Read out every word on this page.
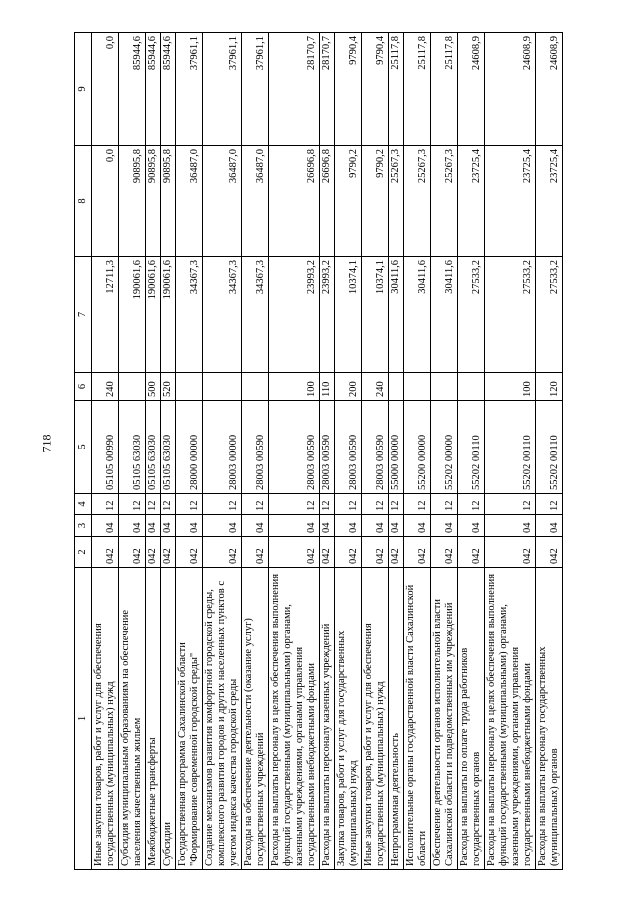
718
1	2	3	4	5	6	7	8	9
Иные закупки товаров, работ и услуг для обеспечения государственных (муниципальных) нужд	042	04	12	05105 00990	240	12711,3	0,0	0,0
Субсидия муниципальным образованиям на обеспечение населения качественным жильем	042	04	12	05105 63030		190061,6	90895,8	85944,6
Межбюджетные трансферты	042	04	12	05105 63030	500	190061,6	90895,8	85944,6
Субсидии	042	04	12	05105 63030	520	190061,6	90895,8	85944,6
Государственная программа Сахалинской области "Формирование современной городской среды"	042	04	12	28000 00000		34367,3	36487,0	37961,1
Создание механизмов развития комфортной городской среды, комплексного развития городов и других населенных пунктов с учетом индекса качества городской среды	042	04	12	28003 00000		34367,3	36487,0	37961,1
Расходы на обеспечение деятельности (оказание услуг) государственных учреждений	042	04	12	28003 00590		34367,3	36487,0	37961,1
Расходы на выплаты персоналу в целях обеспечения выполнения функций государственными (муниципальными) органами, казенными учреждениями, органами управления государственными внебюджетными фондами	042	04	12	28003 00590	100	23993,2	26696,8	28170,7
Расходы на выплаты персоналу казенных учреждений	042	04	12	28003 00590	110	23993,2	26696,8	28170,7
Закупка товаров, работ и услуг для государственных (муниципальных) нужд	042	04	12	28003 00590	200	10374,1	9790,2	9790,4
Иные закупки товаров, работ и услуг для обеспечения государственных (муниципальных) нужд	042	04	12	28003 00590	240	10374,1	9790,2	9790,4
Непрограммная деятельность	042	04	12	55000 00000		30411,6	25267,3	25117,8
Исполнительные органы государственной власти Сахалинской области	042	04	12	55200 00000		30411,6	25267,3	25117,8
Обеспечение деятельности органов исполнительной власти Сахалинской области и подведомственных им учреждений	042	04	12	55202 00000		30411,6	25267,3	25117,8
Расходы на выплаты по оплате труда работников государственных органов	042	04	12	55202 00110		27533,2	23725,4	24608,9
Расходы на выплаты персоналу в целях обеспечения выполнения функций государственными (муниципальными) органами, казенными учреждениями, органами управления государственными внебюджетными фондами	042	04	12	55202 00110	100	27533,2	23725,4	24608,9
Расходы на выплаты персоналу государственных (муниципальных) органов	042	04	12	55202 00110	120	27533,2	23725,4	24608,9
